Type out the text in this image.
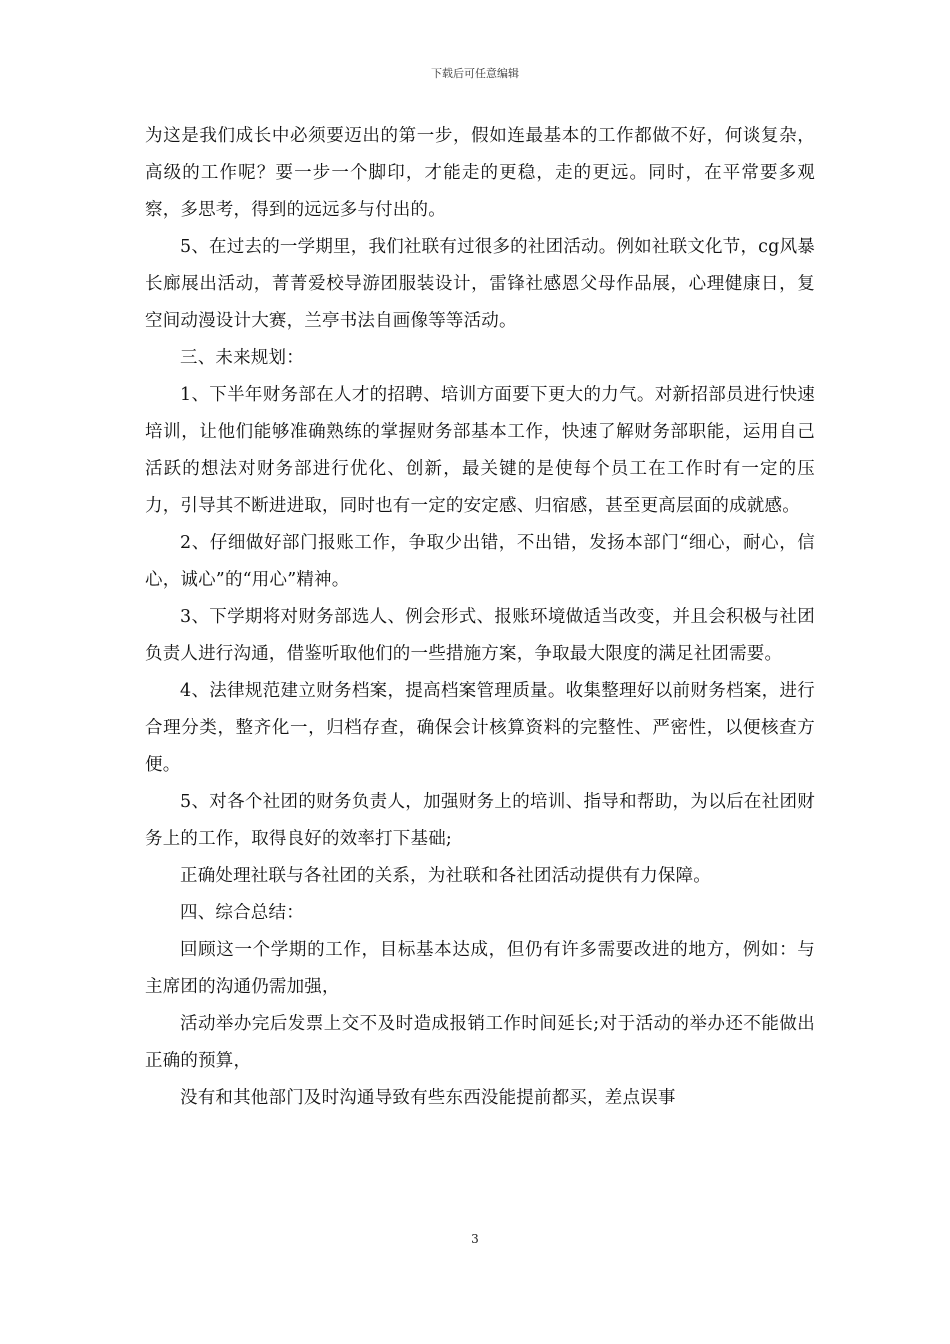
下载后可任意编辑

为这是我们成长中必须要迈出的第一步，假如连最基本的工作都做不好，何谈复杂，高级的工作呢？要一步一个脚印，才能走的更稳，走的更远。同时，在平常要多观察，多思考，得到的远远多与付出的。

5、在过去的一学期里，我们社联有过很多的社团活动。例如社联文化节，cg风暴长廊展出活动，菁菁爱校导游团服装设计，雷锋社感恩父母作品展，心理健康日，复空间动漫设计大赛，兰亭书法自画像等等活动。

三、未来规划：

1、下半年财务部在人才的招聘、培训方面要下更大的力气。对新招部员进行快速培训，让他们能够准确熟练的掌握财务部基本工作，快速了解财务部职能，运用自己活跃的想法对财务部进行优化、创新，最关键的是使每个员工在工作时有一定的压力，引导其不断进进取，同时也有一定的安定感、归宿感，甚至更高层面的成就感。

2、仔细做好部门报账工作，争取少出错，不出错，发扬本部门“细心，耐心，信心，诚心”的“用心”精神。

3、下学期将对财务部选人、例会形式、报账环境做适当改变，并且会积极与社团负责人进行沟通，借鉴听取他们的一些措施方案，争取最大限度的满足社团需要。

4、法律规范建立财务档案，提高档案管理质量。收集整理好以前财务档案，进行合理分类，整齐化一，归档存查，确保会计核算资料的完整性、严密性，以便核查方便。

5、对各个社团的财务负责人，加强财务上的培训、指导和帮助，为以后在社团财务上的工作，取得良好的效率打下基础;

正确处理社联与各社团的关系，为社联和各社团活动提供有力保障。

四、综合总结：

回顾这一个学期的工作，目标基本达成，但仍有许多需要改进的地方，例如：与主席团的沟通仍需加强，

活动举办完后发票上交不及时造成报销工作时间延长;对于活动的举办还不能做出正确的预算，

没有和其他部门及时沟通导致有些东西没能提前都买，差点误事

3
